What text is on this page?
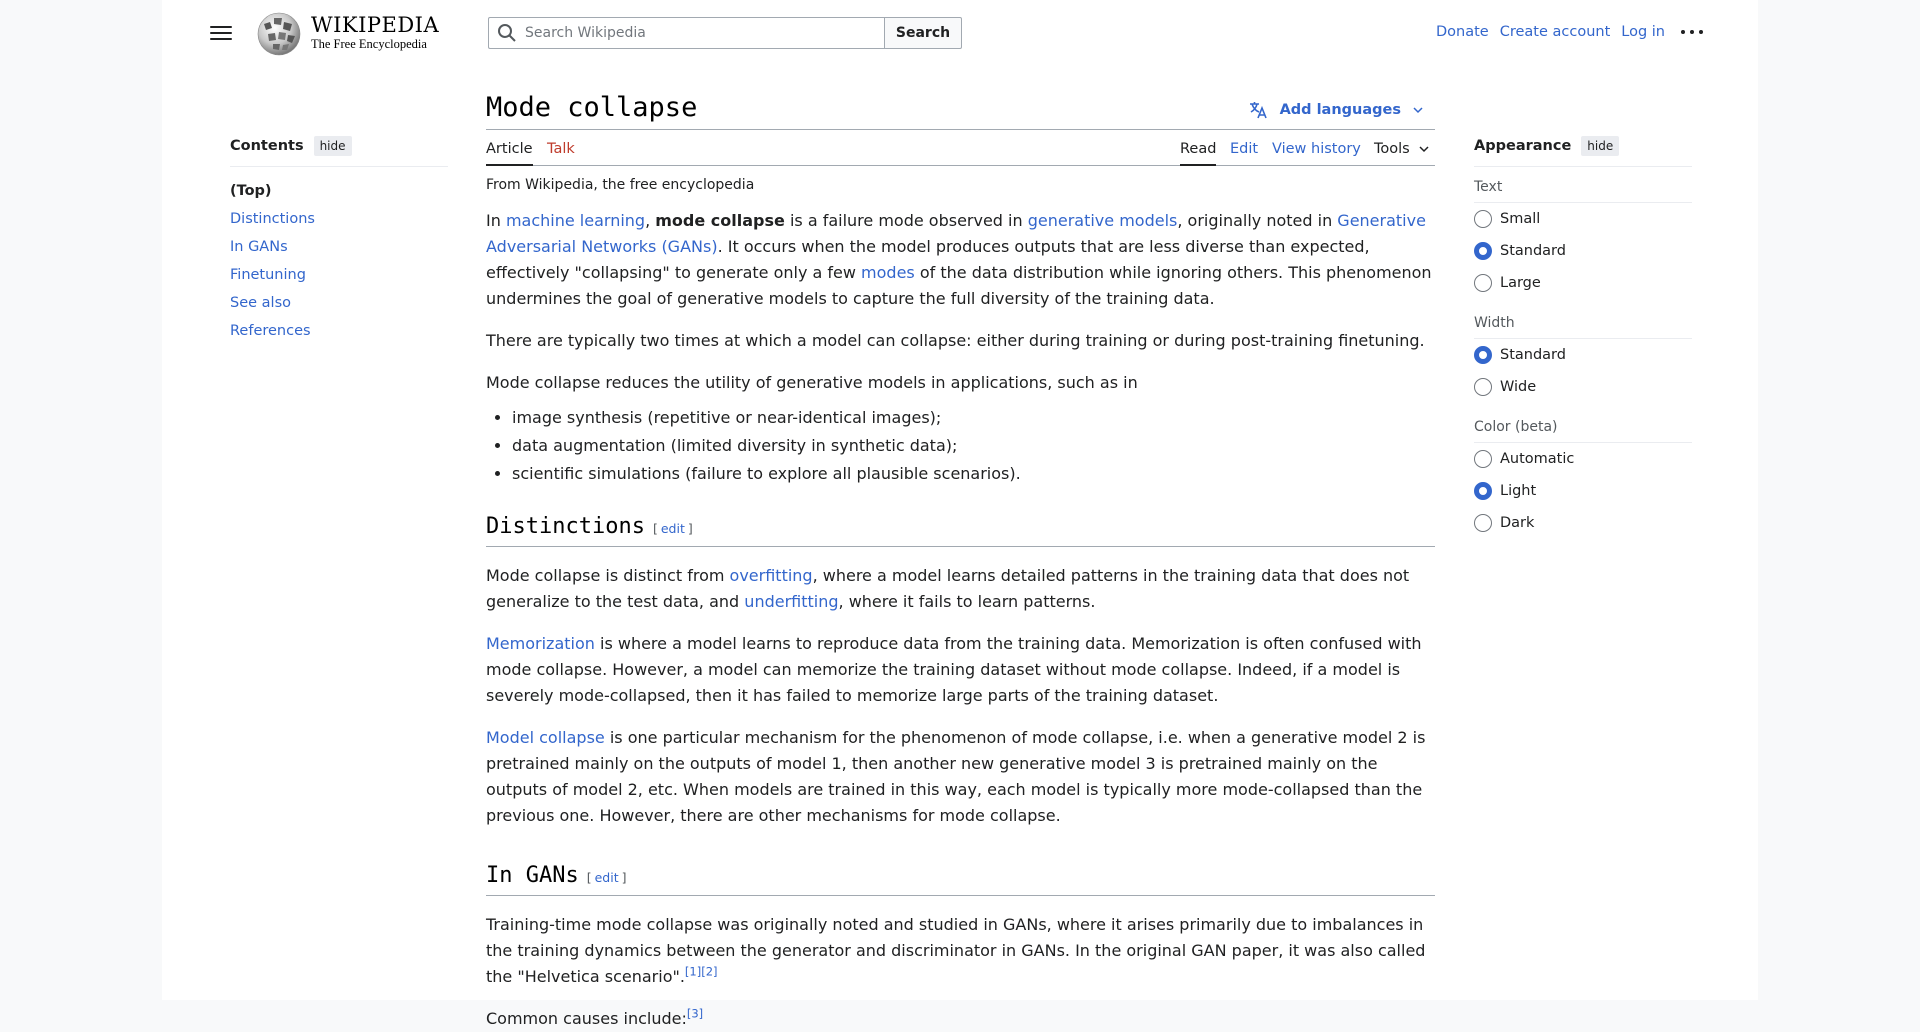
WIKIPEDIA
The Free Encyclopedia
Search Wikipedia
Search	Donate Create account Log in
Contents	hide
(Top)
Distinctions
In GANs
Finetuning
See also
References
Mode collapse	Add languages
Article Talk	Read Edit View history Tools
From Wikipedia, the free encyclopedia

In machine learning, mode collapse is a failure mode observed in generative models, originally noted in Generative Adversarial Networks (GANs). It occurs when the model produces outputs that are less diverse than expected, effectively "collapsing" to generate only a few modes of the data distribution while ignoring others. This phenomenon undermines the goal of generative models to capture the full diversity of the training data.

There are typically two times at which a model can collapse: either during training or during post-training finetuning.

Mode collapse reduces the utility of generative models in applications, such as in

• image synthesis (repetitive or near-identical images);
• data augmentation (limited diversity in synthetic data);
• scientific simulations (failure to explore all plausible scenarios).
Distinctions [ edit ]

Mode collapse is distinct from overfitting, where a model learns detailed patterns in the training data that does not generalize to the test data, and underfitting, where it fails to learn patterns.

Memorization is where a model learns to reproduce data from the training data. Memorization is often confused with mode collapse. However, a model can memorize the training dataset without mode collapse. Indeed, if a model is severely mode-collapsed, then it has failed to memorize large parts of the training dataset.

Model collapse is one particular mechanism for the phenomenon of mode collapse, i.e. when a generative model 2 is pretrained mainly on the outputs of model 1, then another new generative model 3 is pretrained mainly on the outputs of model 2, etc. When models are trained in this way, each model is typically more mode-collapsed than the previous one. However, there are other mechanisms for mode collapse.

In GANs [ edit ]

Training-time mode collapse was originally noted and studied in GANs, where it arises primarily due to imbalances in the training dynamics between the generator and discriminator in GANs. In the original GAN paper, it was also called the "Helvetica scenario".[1][2]

Common causes include:[3]

Appearance	hide
Text
Small
Standard
Large
Width
Standard
Wide
Color (beta)
Automatic
Light
Dark
